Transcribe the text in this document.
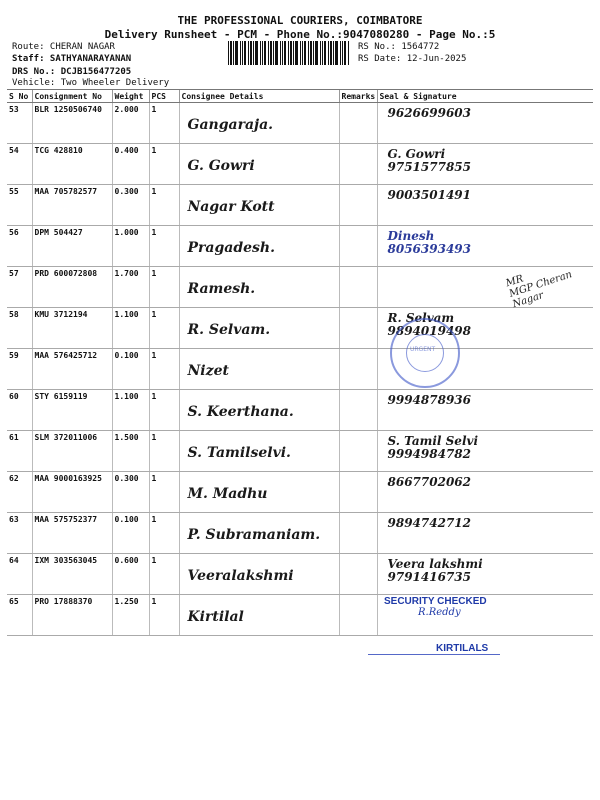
THE PROFESSIONAL COURIERS, COIMBATORE
Delivery Runsheet - PCM - Phone No.:9047080280 - Page No.:5
Route: CHERAN NAGAR
Staff: SATHYANARAYANAN
DRS No.: DCJB156477205
Vehicle: Two Wheeler Delivery
RS No.: 1564772
RS Date: 12-Jun-2025
S No	Consignment No	Weight	PCS	Consignee Details	Remarks	Seal & Signature
53	BLR 1250506740	2.000	1	Gangaraja.		9626699603

54	TCG 428810	0.400	1	G. Gowri		G. Gowri
9751577855

55	MAA 705782577	0.300	1	Nagar Kott		9003501491

56	DPM 504427	1.000	1	Pragadesh.		Dinesh
8056393493

57	PRD 600072808	1.700	1	Ramesh.		

58	KMU 3712194	1.100	1	R. Selvam.		R. Selvam
9894019498

59	MAA 576425712	0.100	1	Nizet		

60	STY 6159119	1.100	1	S. Keerthana.		9994878936

61	SLM 372011006	1.500	1	S. Tamilselvi.		S. Tamil Selvi
9994984782

62	MAA 9000163925	0.300	1	M. Madhu		8667702062

63	MAA 575752377	0.100	1	P. Subramaniam.		9894742712

64	IXM 303563045	0.600	1	Veeralakshmi		Veera lakshmi
9791416735

65	PRO 17888370	1.250	1	Kirtilal		

URGENT
MR
MGP Cheran
Nagar
SECURITY CHECKED
R.Reddy
KIRTILALS
